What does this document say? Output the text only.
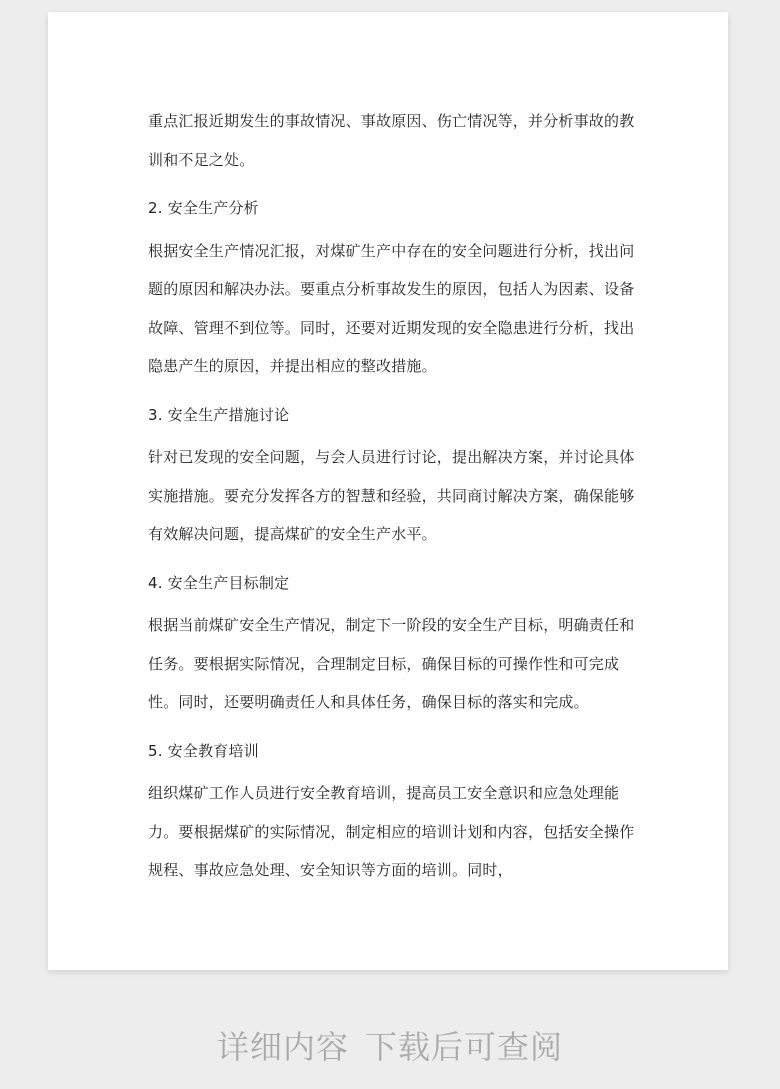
重点汇报近期发生的事故情况、事故原因、伤亡情况等，并分析事故的教训和不足之处。

2. 安全生产分析

根据安全生产情况汇报，对煤矿生产中存在的安全问题进行分析，找出问题的原因和解决办法。要重点分析事故发生的原因，包括人为因素、设备故障、管理不到位等。同时，还要对近期发现的安全隐患进行分析，找出隐患产生的原因，并提出相应的整改措施。

3. 安全生产措施讨论

针对已发现的安全问题，与会人员进行讨论，提出解决方案，并讨论具体实施措施。要充分发挥各方的智慧和经验，共同商讨解决方案，确保能够有效解决问题，提高煤矿的安全生产水平。

4. 安全生产目标制定

根据当前煤矿安全生产情况，制定下一阶段的安全生产目标，明确责任和任务。要根据实际情况，合理制定目标，确保目标的可操作性和可完成性。同时，还要明确责任人和具体任务，确保目标的落实和完成。

5. 安全教育培训

组织煤矿工作人员进行安全教育培训，提高员工安全意识和应急处理能力。要根据煤矿的实际情况，制定相应的培训计划和内容，包括安全操作规程、事故应急处理、安全知识等方面的培训。同时，

详细内容 下载后可查阅
